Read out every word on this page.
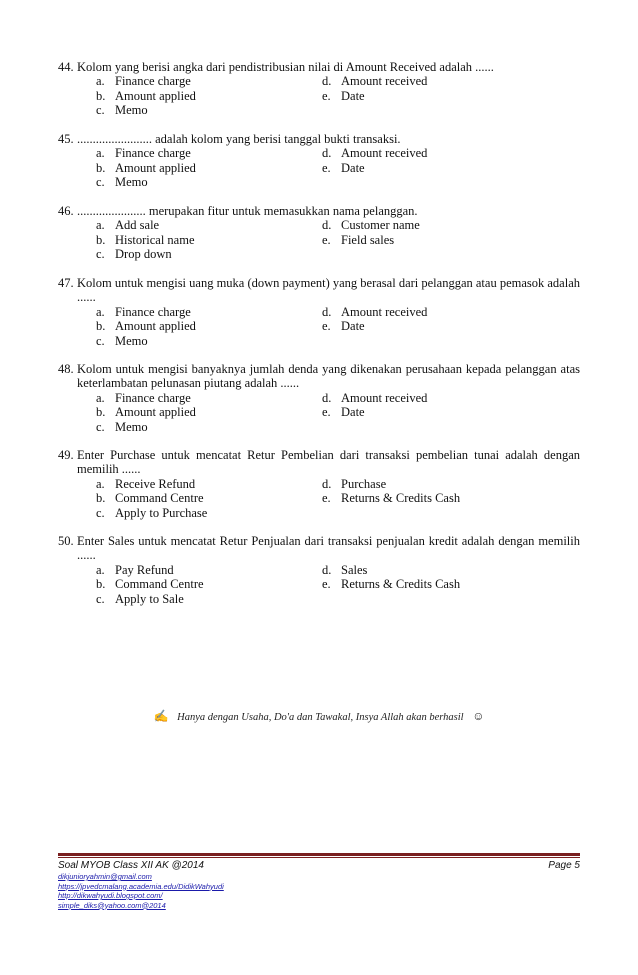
44. Kolom yang berisi angka dari pendistribusian nilai di Amount Received adalah ......
a. Finance charge	d. Amount received
b. Amount applied	e. Date
c. Memo
45. ........................ adalah kolom yang berisi tanggal bukti transaksi.
a. Finance charge	d. Amount received
b. Amount applied	e. Date
c. Memo
46. ...................... merupakan fitur untuk memasukkan nama pelanggan.
a. Add sale	d. Customer name
b. Historical name	e. Field sales
c. Drop down
47. Kolom untuk mengisi uang muka (down payment) yang berasal dari pelanggan atau pemasok adalah ......
a. Finance charge	d. Amount received
b. Amount applied	e. Date
c. Memo
48. Kolom untuk mengisi banyaknya jumlah denda yang dikenakan perusahaan kepada pelanggan atas keterlambatan pelunasan piutang adalah ......
a. Finance charge	d. Amount received
b. Amount applied	e. Date
c. Memo
49. Enter Purchase untuk mencatat Retur Pembelian dari transaksi pembelian tunai adalah dengan memilih ......
a. Receive Refund	d. Purchase
b. Command Centre	e. Returns & Credits Cash
c. Apply to Purchase
50. Enter Sales untuk mencatat Retur Penjualan dari transaksi penjualan kredit adalah dengan memilih ......
a. Pay Refund	d. Sales
b. Command Centre	e. Returns & Credits Cash
c. Apply to Sale
✍ Hanya dengan Usaha, Do'a dan Tawakal, Insya Allah akan berhasil ☺
Soal MYOB Class XII AK @2014	Page 5
dikjunioryahmin@gmail.com
https://jpvedcmalang.academia.edu/DidikWahyudi
http://dikwahyudi.blogspot.com/
simple_diks@yahoo.com@2014
